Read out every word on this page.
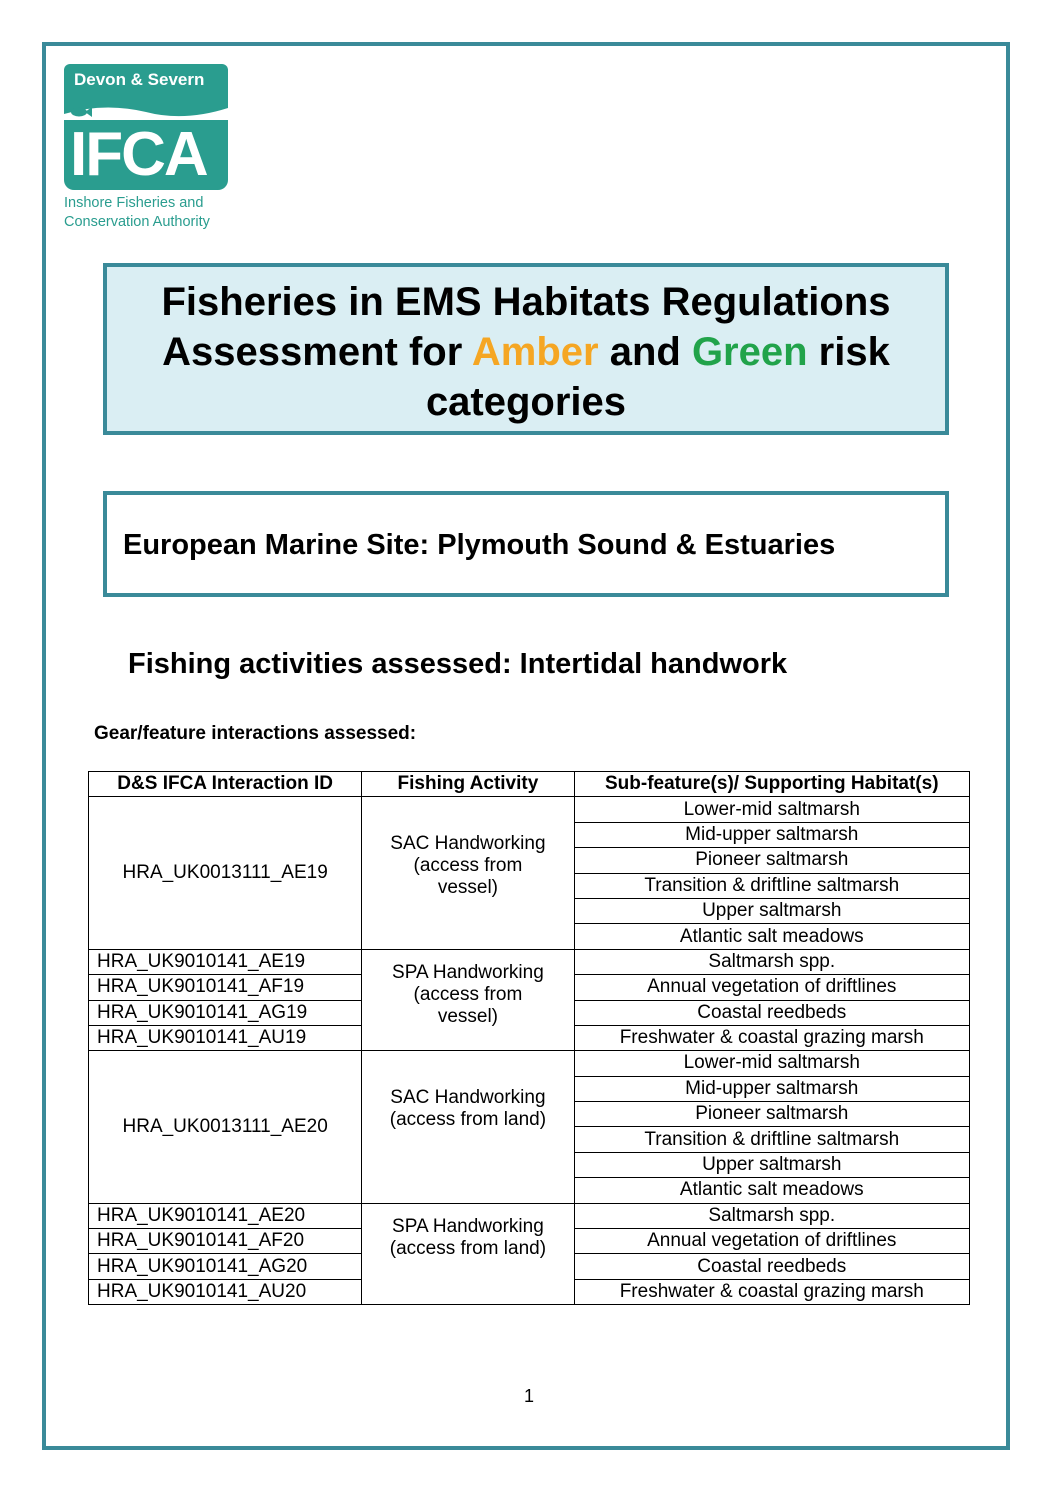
Devon & Severn
IFCA
Inshore Fisheries and
Conservation Authority
Fisheries in EMS Habitats Regulations
Assessment for Amber and Green risk
categories
European Marine Site: Plymouth Sound & Estuaries
Fishing activities assessed: Intertidal handwork
Gear/feature interactions assessed:
D&S IFCA Interaction ID	Fishing Activity	Sub-feature(s)/ Supporting Habitat(s)
HRA_UK0013111_AE19	SAC Handworking
(access from
vessel)	Lower-mid saltmarsh
		Mid-upper saltmarsh
		Pioneer saltmarsh
		Transition & driftline saltmarsh
		Upper saltmarsh
		Atlantic salt meadows
HRA_UK9010141_AE19	SPA Handworking
(access from
vessel)	Saltmarsh spp.
HRA_UK9010141_AF19		Annual vegetation of driftlines
HRA_UK9010141_AG19		Coastal reedbeds
HRA_UK9010141_AU19		Freshwater & coastal grazing marsh
HRA_UK0013111_AE20	SAC Handworking
(access from land)	Lower-mid saltmarsh
		Mid-upper saltmarsh
		Pioneer saltmarsh
		Transition & driftline saltmarsh
		Upper saltmarsh
		Atlantic salt meadows
HRA_UK9010141_AE20	SPA Handworking
(access from land)	Saltmarsh spp.
HRA_UK9010141_AF20		Annual vegetation of driftlines
HRA_UK9010141_AG20		Coastal reedbeds
HRA_UK9010141_AU20		Freshwater & coastal grazing marsh
1
